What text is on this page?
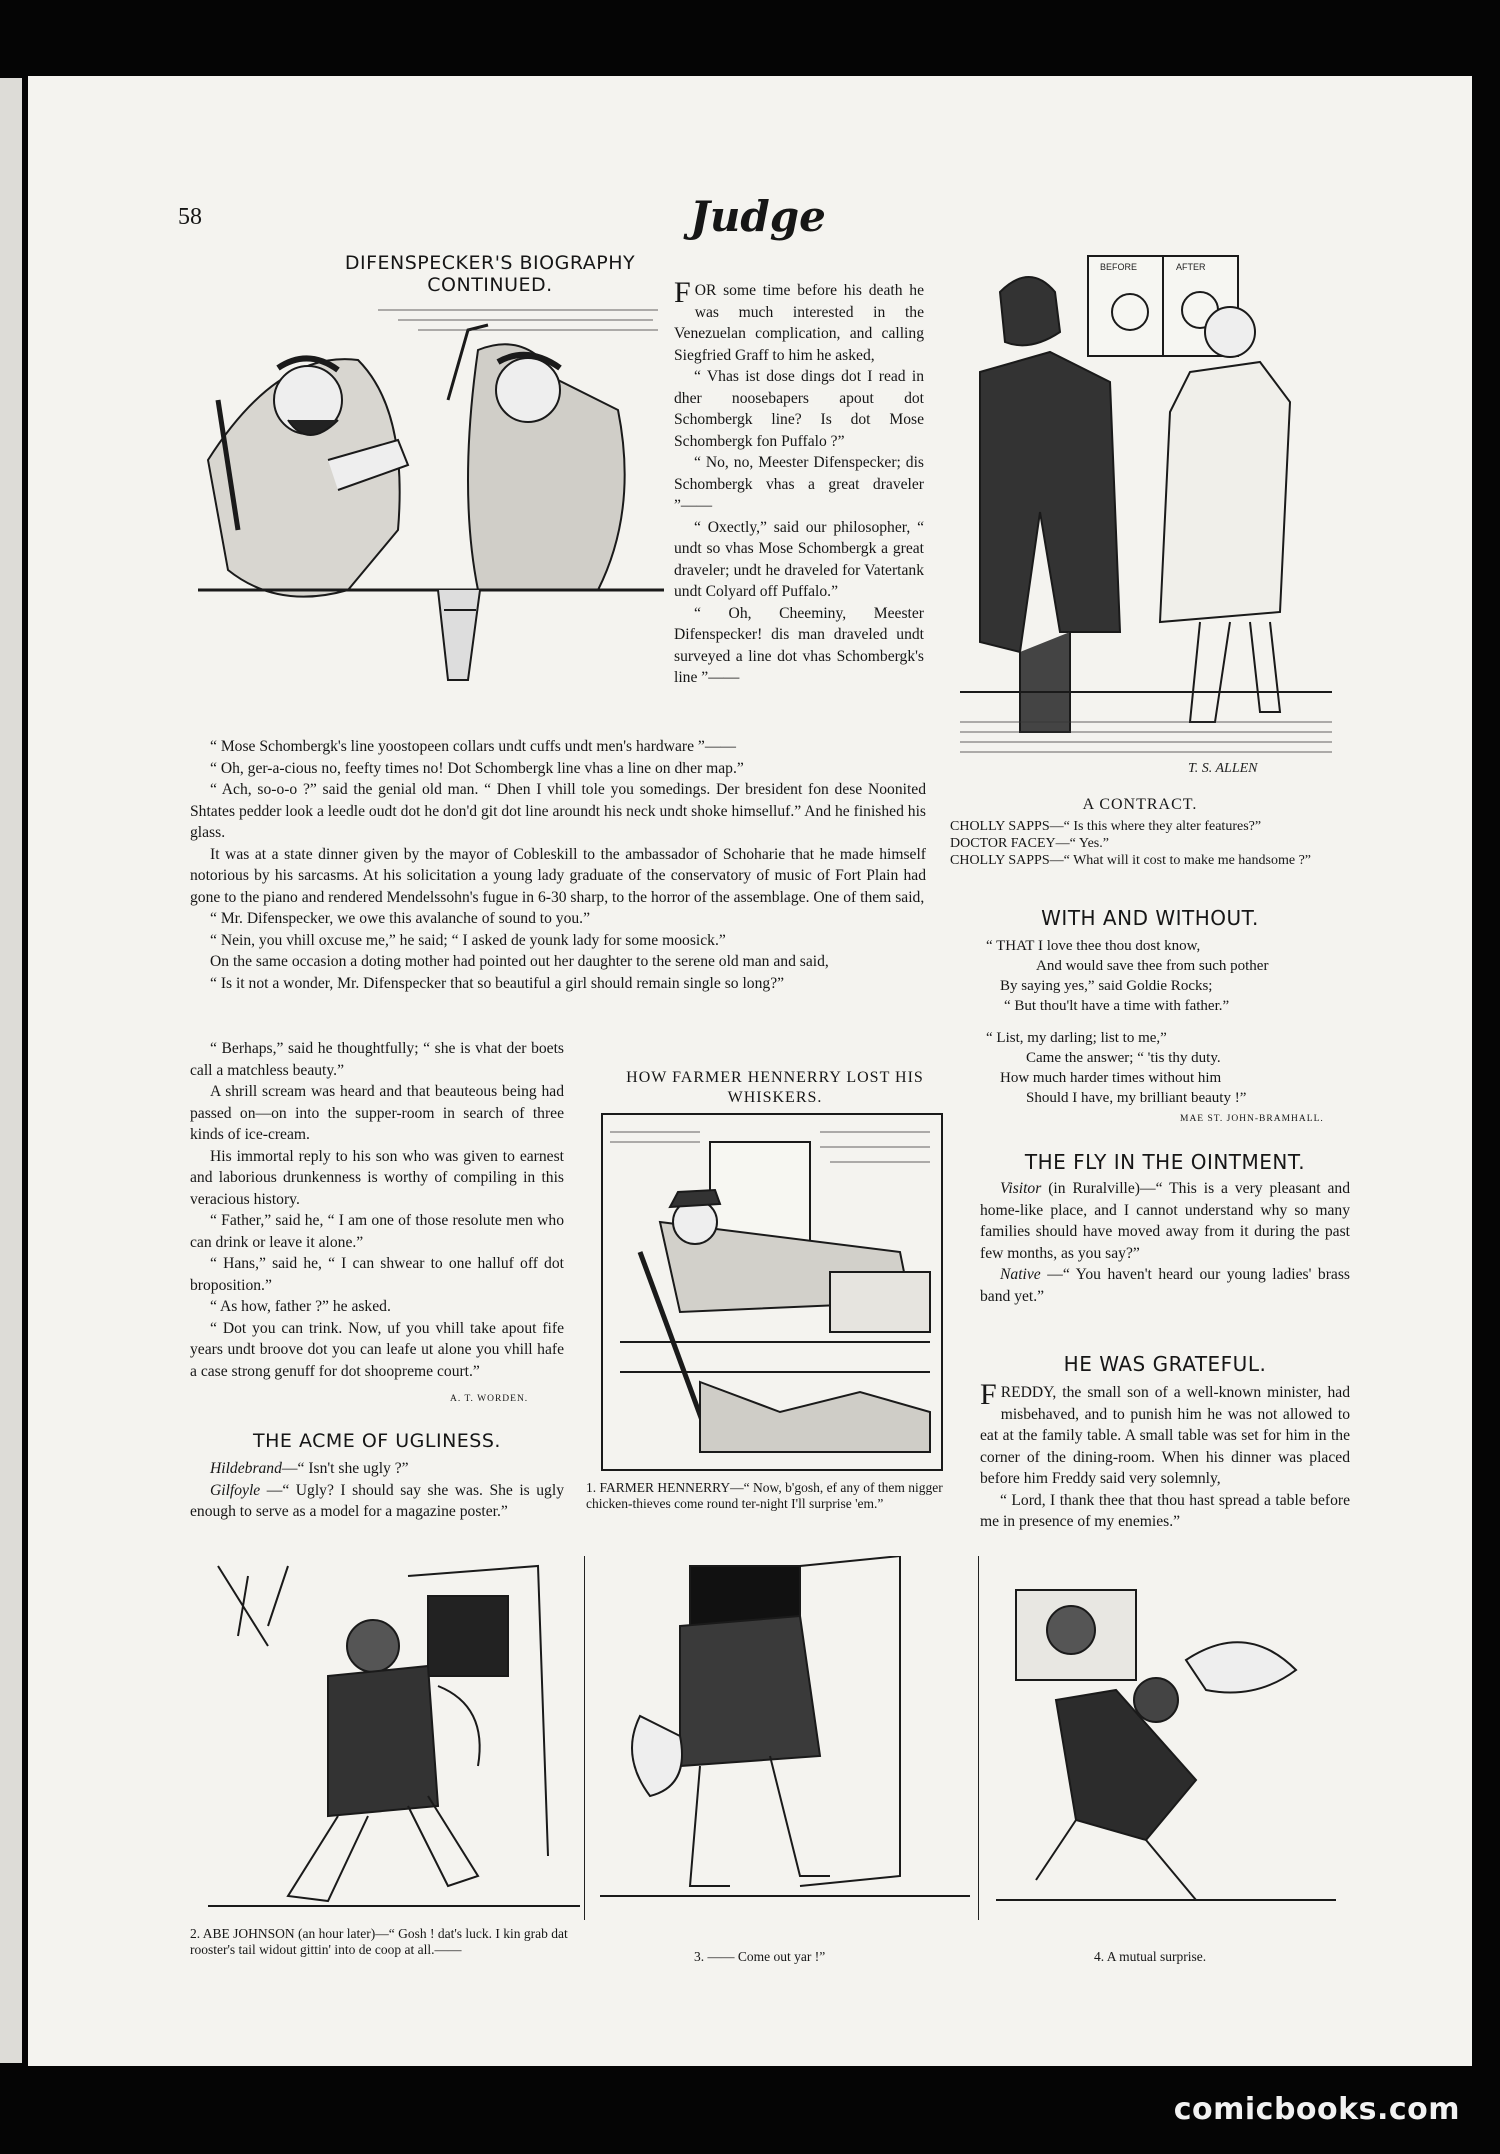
58	Judge
DIFENSPECKER'S BIOGRAPHY CONTINUED.	FOR some time before his death he was much interested in the Venezuelan complication, and calling Siegfried Graff to him he asked,

“ Vhas ist dose dings dot I read in dher noosebapers apout dot Schombergk line? Is dot Mose Schombergk fon Puffalo ?”

“ No, no, Meester Difenspecker; dis Schombergk vhas a great draveler ”——

“ Oxectly,” said our philosopher, “ undt so vhas Mose Schombergk a great draveler; undt he draveled for Vatertank undt Colyard off Puffalo.”

“ Oh, Cheeminy, Meester Difenspecker! dis man draveled undt surveyed a line dot vhas Schombergk's line ”——

“ Mose Schombergk's line yoostopeen collars undt cuffs undt men's hardware ”——

“ Oh, ger-a-cious no, feefty times no! Dot Schombergk line vhas a line on dher map.”

“ Ach, so-o-o ?” said the genial old man. “ Dhen I vhill tole you somedings. Der bresident fon dese Noonited Shtates pedder look a leedle oudt dot he don'd git dot line aroundt his neck undt shoke himselluf.” And he finished his glass.

It was at a state dinner given by the mayor of Cobleskill to the ambassador of Schoharie that he made himself notorious by his sarcasms. At his solicitation a young lady graduate of the conservatory of music of Fort Plain had gone to the piano and rendered Mendelssohn's fugue in 6-30 sharp, to the horror of the assemblage. One of them said,

“ Mr. Difenspecker, we owe this avalanche of sound to you.”

“ Nein, you vhill oxcuse me,” he said; “ I asked de younk lady for some moosick.”

On the same occasion a doting mother had pointed out her daughter to the serene old man and said,

“ Is it not a wonder, Mr. Difenspecker that so beautiful a girl should remain single so long?”

“ Berhaps,” said he thoughtfully; “ she is vhat der boets call a matchless beauty.”

A shrill scream was heard and that beauteous being had passed on—on into the supper-room in search of three kinds of ice-cream.

His immortal reply to his son who was given to earnest and laborious drunkenness is worthy of compiling in this veracious history.

“ Father,” said he, “ I am one of those resolute men who can drink or leave it alone.”

“ Hans,” said he, “ I can shwear to one halluf off dot broposition.”

“ As how, father ?” he asked.

“ Dot you can trink. Now, uf you vhill take apout fife years undt broove dot you can leafe ut alone you vhill hafe a case strong genuff for dot shoopreme court.”

A. T. WORDEN.
THE ACME OF UGLINESS.

Hildebrand—“ Isn't she ugly ?”

Gilfoyle —“ Ugly? I should say she was. She is ugly enough to serve as a model for a magazine poster.”

HOW FARMER HENNERRY LOST HIS WHISKERS.
1. FARMER HENNERRY—“ Now, b'gosh, ef any of them nigger chicken-thieves come round ter-night I'll surprise 'em.”
BEFORE	AFTER
T. S. ALLEN
A CONTRACT.
CHOLLY SAPPS—“ Is this where they alter features?”
DOCTOR FACEY—“ Yes.”
CHOLLY SAPPS—“ What will it cost to make me handsome ?”
WITH AND WITHOUT.
“ THAT I love thee thou dost know,
And would save thee from such pother
By saying yes,” said Goldie Rocks;
“ But thou'lt have a time with father.”
“ List, my darling; list to me,”
Came the answer; “ 'tis thy duty.
How much harder times without him
Should I have, my brilliant beauty !”
MAE ST. JOHN-BRAMHALL.
THE FLY IN THE OINTMENT.

Visitor (in Ruralville)—“ This is a very pleasant and home-like place, and I cannot understand why so many families should have moved away from it during the past few months, as you say?”

Native —“ You haven't heard our young ladies' brass band yet.”

HE WAS GRATEFUL.

FREDDY, the small son of a well-known minister, had misbehaved, and to punish him he was not allowed to eat at the family table. A small table was set for him in the corner of the dining-room. When his dinner was placed before him Freddy said very solemnly,

“ Lord, I thank thee that thou hast spread a table before me in presence of my enemies.”

2. ABE JOHNSON (an hour later)—“ Gosh ! dat's luck. I kin grab dat rooster's tail widout gittin' into de coop at all.——	3. —— Come out yar !”	4. A mutual surprise.
comicbooks.com
